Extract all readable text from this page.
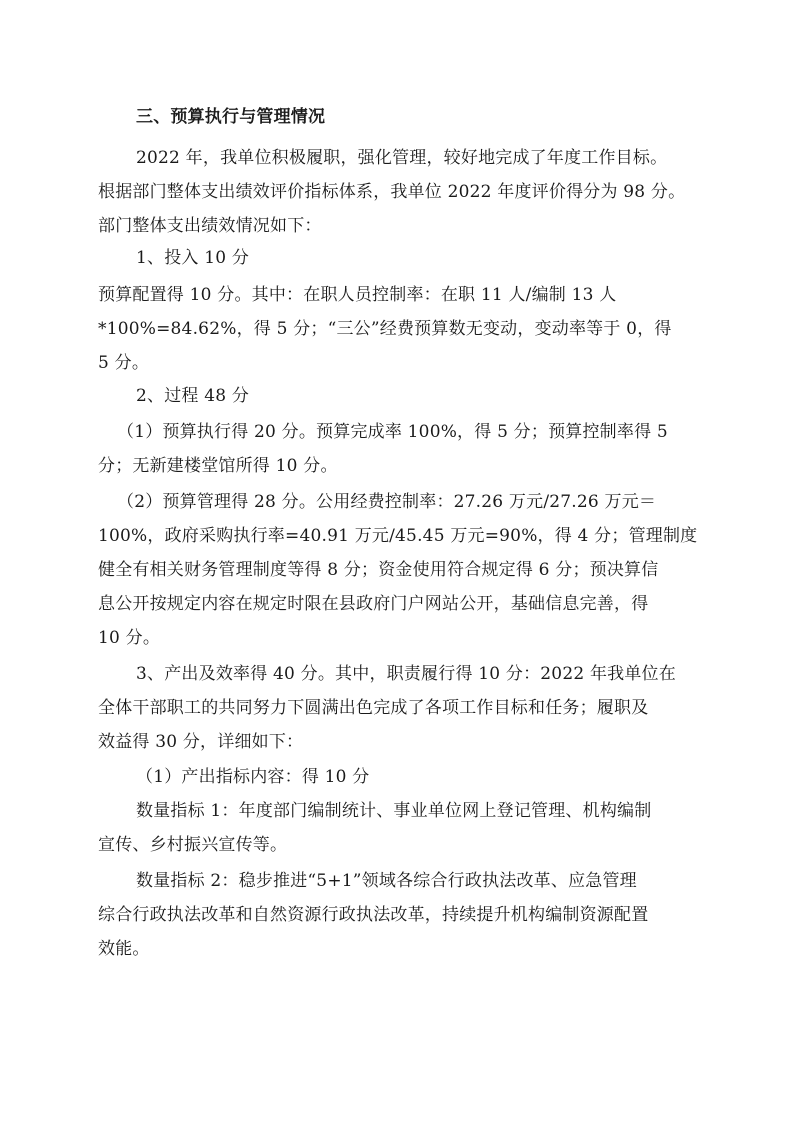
三、预算执行与管理情况
2022 年，我单位积极履职，强化管理，较好地完成了年度工作目标。
根据部门整体支出绩效评价指标体系，我单位 2022 年度评价得分为 98 分。
部门整体支出绩效情况如下：
1、投入 10 分
预算配置得 10 分。其中：在职人员控制率：在职 11 人/编制 13 人
*100%=84.62%，得 5 分；“三公”经费预算数无变动，变动率等于 0，得
5 分。
2、过程 48 分
（1）预算执行得 20 分。预算完成率 100%，得 5 分；预算控制率得 5
分；无新建楼堂馆所得 10 分。
（2）预算管理得 28 分。公用经费控制率：27.26 万元/27.26 万元＝
100%，政府采购执行率=40.91 万元/45.45 万元=90%，得 4 分；管理制度
健全有相关财务管理制度等得 8 分；资金使用符合规定得 6 分；预决算信
息公开按规定内容在规定时限在县政府门户网站公开，基础信息完善，得
10 分。
3、产出及效率得 40 分。其中，职责履行得 10 分：2022 年我单位在
全体干部职工的共同努力下圆满出色完成了各项工作目标和任务；履职及
效益得 30 分，详细如下：
（1）产出指标内容：得 10 分
数量指标 1：年度部门编制统计、事业单位网上登记管理、机构编制
宣传、乡村振兴宣传等。
数量指标 2：稳步推进“5+1”领域各综合行政执法改革、应急管理
综合行政执法改革和自然资源行政执法改革，持续提升机构编制资源配置
效能。
